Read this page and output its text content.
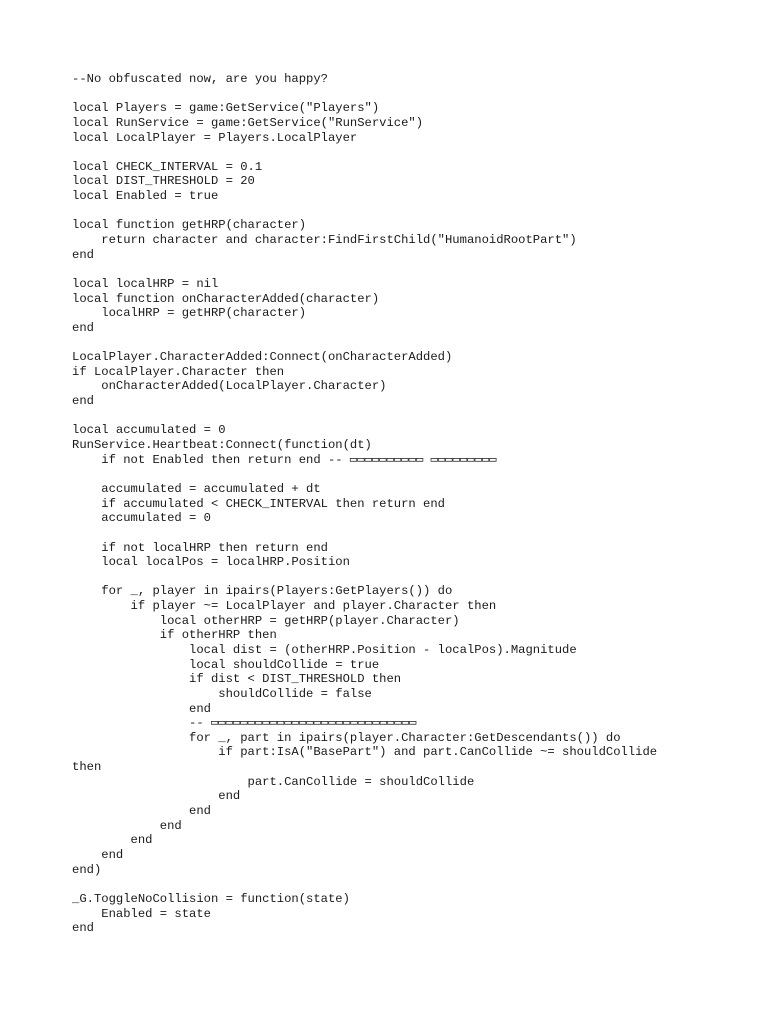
--No obfuscated now, are you happy?
local Players = game:GetService("Players")
local RunService = game:GetService("RunService")
local LocalPlayer = Players.LocalPlayer
local CHECK_INTERVAL = 0.1
local DIST_THRESHOLD = 20
local Enabled = true
local function getHRP(character)
return character and character:FindFirstChild("HumanoidRootPart")
end
local localHRP = nil
local function onCharacterAdded(character)
localHRP = getHRP(character)
end
LocalPlayer.CharacterAdded:Connect(onCharacterAdded)
if LocalPlayer.Character then
onCharacterAdded(LocalPlayer.Character)
end
local accumulated = 0
RunService.Heartbeat:Connect(function(dt)
if not Enabled then return end -- ▭▭▭▭▭▭▭▭▭▭ ▭▭▭▭▭▭▭▭▭
accumulated = accumulated + dt
if accumulated < CHECK_INTERVAL then return end
accumulated = 0
if not localHRP then return end
local localPos = localHRP.Position
for _, player in ipairs(Players:GetPlayers()) do
if player ~= LocalPlayer and player.Character then
local otherHRP = getHRP(player.Character)
if otherHRP then
local dist = (otherHRP.Position - localPos).Magnitude
local shouldCollide = true
if dist < DIST_THRESHOLD then
shouldCollide = false
end
-- ▭▭▭▭▭▭▭▭▭▭▭▭▭▭▭▭▭▭▭▭▭▭▭▭▭▭▭▭
for _, part in ipairs(player.Character:GetDescendants()) do
if part:IsA("BasePart") and part.CanCollide ~= shouldCollide
then
part.CanCollide = shouldCollide
end
end
end
end
end
end)
_G.ToggleNoCollision = function(state)
Enabled = state
end
